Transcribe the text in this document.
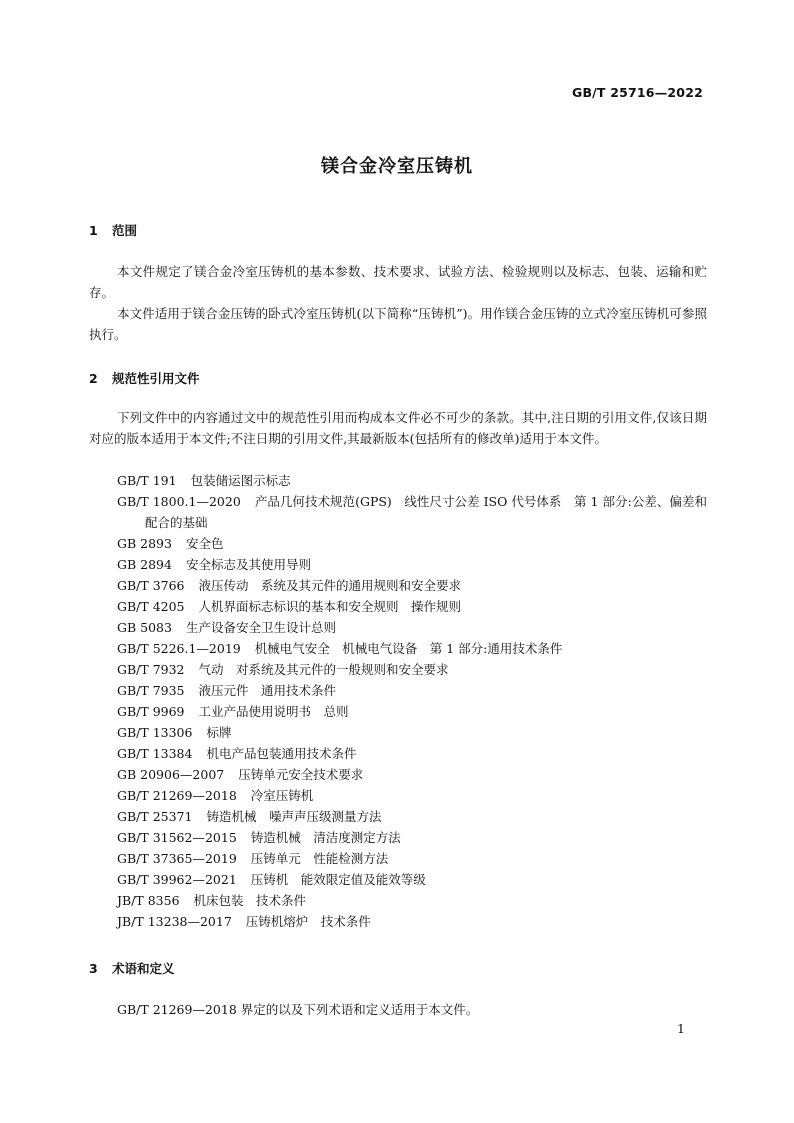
GB/T 25716—2022
镁合金冷室压铸机
1 范围
本文件规定了镁合金冷室压铸机的基本参数、技术要求、试验方法、检验规则以及标志、包装、运输和贮存。
本文件适用于镁合金压铸的卧式冷室压铸机(以下简称“压铸机”)。用作镁合金压铸的立式冷室压铸机可参照执行。
2 规范性引用文件
下列文件中的内容通过文中的规范性引用而构成本文件必不可少的条款。其中,注日期的引用文件,仅该日期对应的版本适用于本文件;不注日期的引用文件,其最新版本(包括所有的修改单)适用于本文件。
GB/T 191 包装储运图示标志
GB/T 1800.1—2020 产品几何技术规范(GPS)　线性尺寸公差 ISO 代号体系　第 1 部分:公差、偏差和配合的基础
GB 2893 安全色
GB 2894 安全标志及其使用导则
GB/T 3766 液压传动　系统及其元件的通用规则和安全要求
GB/T 4205 人机界面标志标识的基本和安全规则　操作规则
GB 5083 生产设备安全卫生设计总则
GB/T 5226.1—2019 机械电气安全　机械电气设备　第 1 部分:通用技术条件
GB/T 7932 气动　对系统及其元件的一般规则和安全要求
GB/T 7935 液压元件　通用技术条件
GB/T 9969 工业产品使用说明书　总则
GB/T 13306 标牌
GB/T 13384 机电产品包装通用技术条件
GB 20906—2007 压铸单元安全技术要求
GB/T 21269—2018 冷室压铸机
GB/T 25371 铸造机械　噪声声压级测量方法
GB/T 31562—2015 铸造机械　清洁度测定方法
GB/T 37365—2019 压铸单元　性能检测方法
GB/T 39962—2021 压铸机　能效限定值及能效等级
JB/T 8356 机床包装　技术条件
JB/T 13238—2017 压铸机熔炉　技术条件
3 术语和定义
GB/T 21269—2018 界定的以及下列术语和定义适用于本文件。
1
